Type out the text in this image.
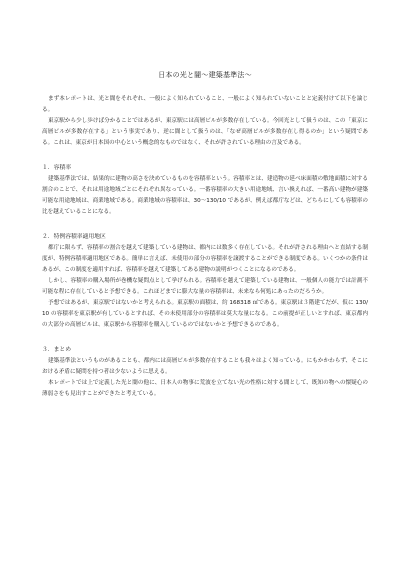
日本の光と闇〜建築基準法〜

まず本レポートは、光と闇をそれぞれ、一般によく知られていること、一般によく知られていないことと定義付けて以下を論じる。

東京駅から少し歩けば分かることではあるが、東京駅には高層ビルが多数存在している。今回光として扱うのは、この「東京に高層ビルが多数存在する」という事実であり、逆に闇として扱うのは、「なぜ高層ビルが多数存在し得るのか」という疑問である。これは、東京が日本国の中心という概念的なものではなく、それが許されている理由の言及である。

１．容積率

建築基準法では、結果的に建物の高さを決めているものを容積率という。容積率とは、建造物の延べ床面積の敷地面積に対する割合のことで、それは用途地域ごとにそれぞれ異なっている。一番容積率の大きい用途地域、言い換えれば、一番高い建物が建築可能な用途地域は、商業地域である。商業地域の容積率は、30～130/10 であるが、例えば都庁などは、どちらにしても容積率の比を越えていることになる。

２．特例容積率適用地区

都庁に限らず、容積率の割合を越えて建築している建物は、都内には数多く存在している。それが許される理由へと直結する制度が、特例容積率適用地区である。簡単に言えば、未使用の部分の容積率を譲渡することができる制度である。いくつかの条件はあるが、この制度を適用すれば、容積率を越えて建築してある建物の説明がつくことになるのである。

しかし、容積率の購入場所が巻機な疑問点として挙げられる。容積率を越えて建築している建物は、一般個人の能力では計測不可能な程に存在していると予想できる。これほどまでに膨大な量の容積率は、未来なら何処にあったのだろうか。

予想ではあるが、東京駅ではないかと考えられる。東京駅の面積は、約 168318 ㎡である。東京駅は３階建てだが、仮に 130/10 の容積率を東京駅が有しているとすれば、その未使用部分の容積率は莫大な量になる。この前提が正しいとすれば、東京都内の大部分の高層ビルは、東京駅から容積率を購入しているのではないかと予想できるのである。

３．まとめ

建築基準法というものがあることも、都内には高層ビルが多数存在することも我々はよく知っている。にもかかわらず、そこにおける矛盾に疑問を持つ者は少ないように思える。

本レポートでは上で定義した光と闇の他に、日本人の物事に荒波を立てない光の性格に対する闇として、既知の物への懐疑心の薄弱さをも見出すことができたと考えている。
